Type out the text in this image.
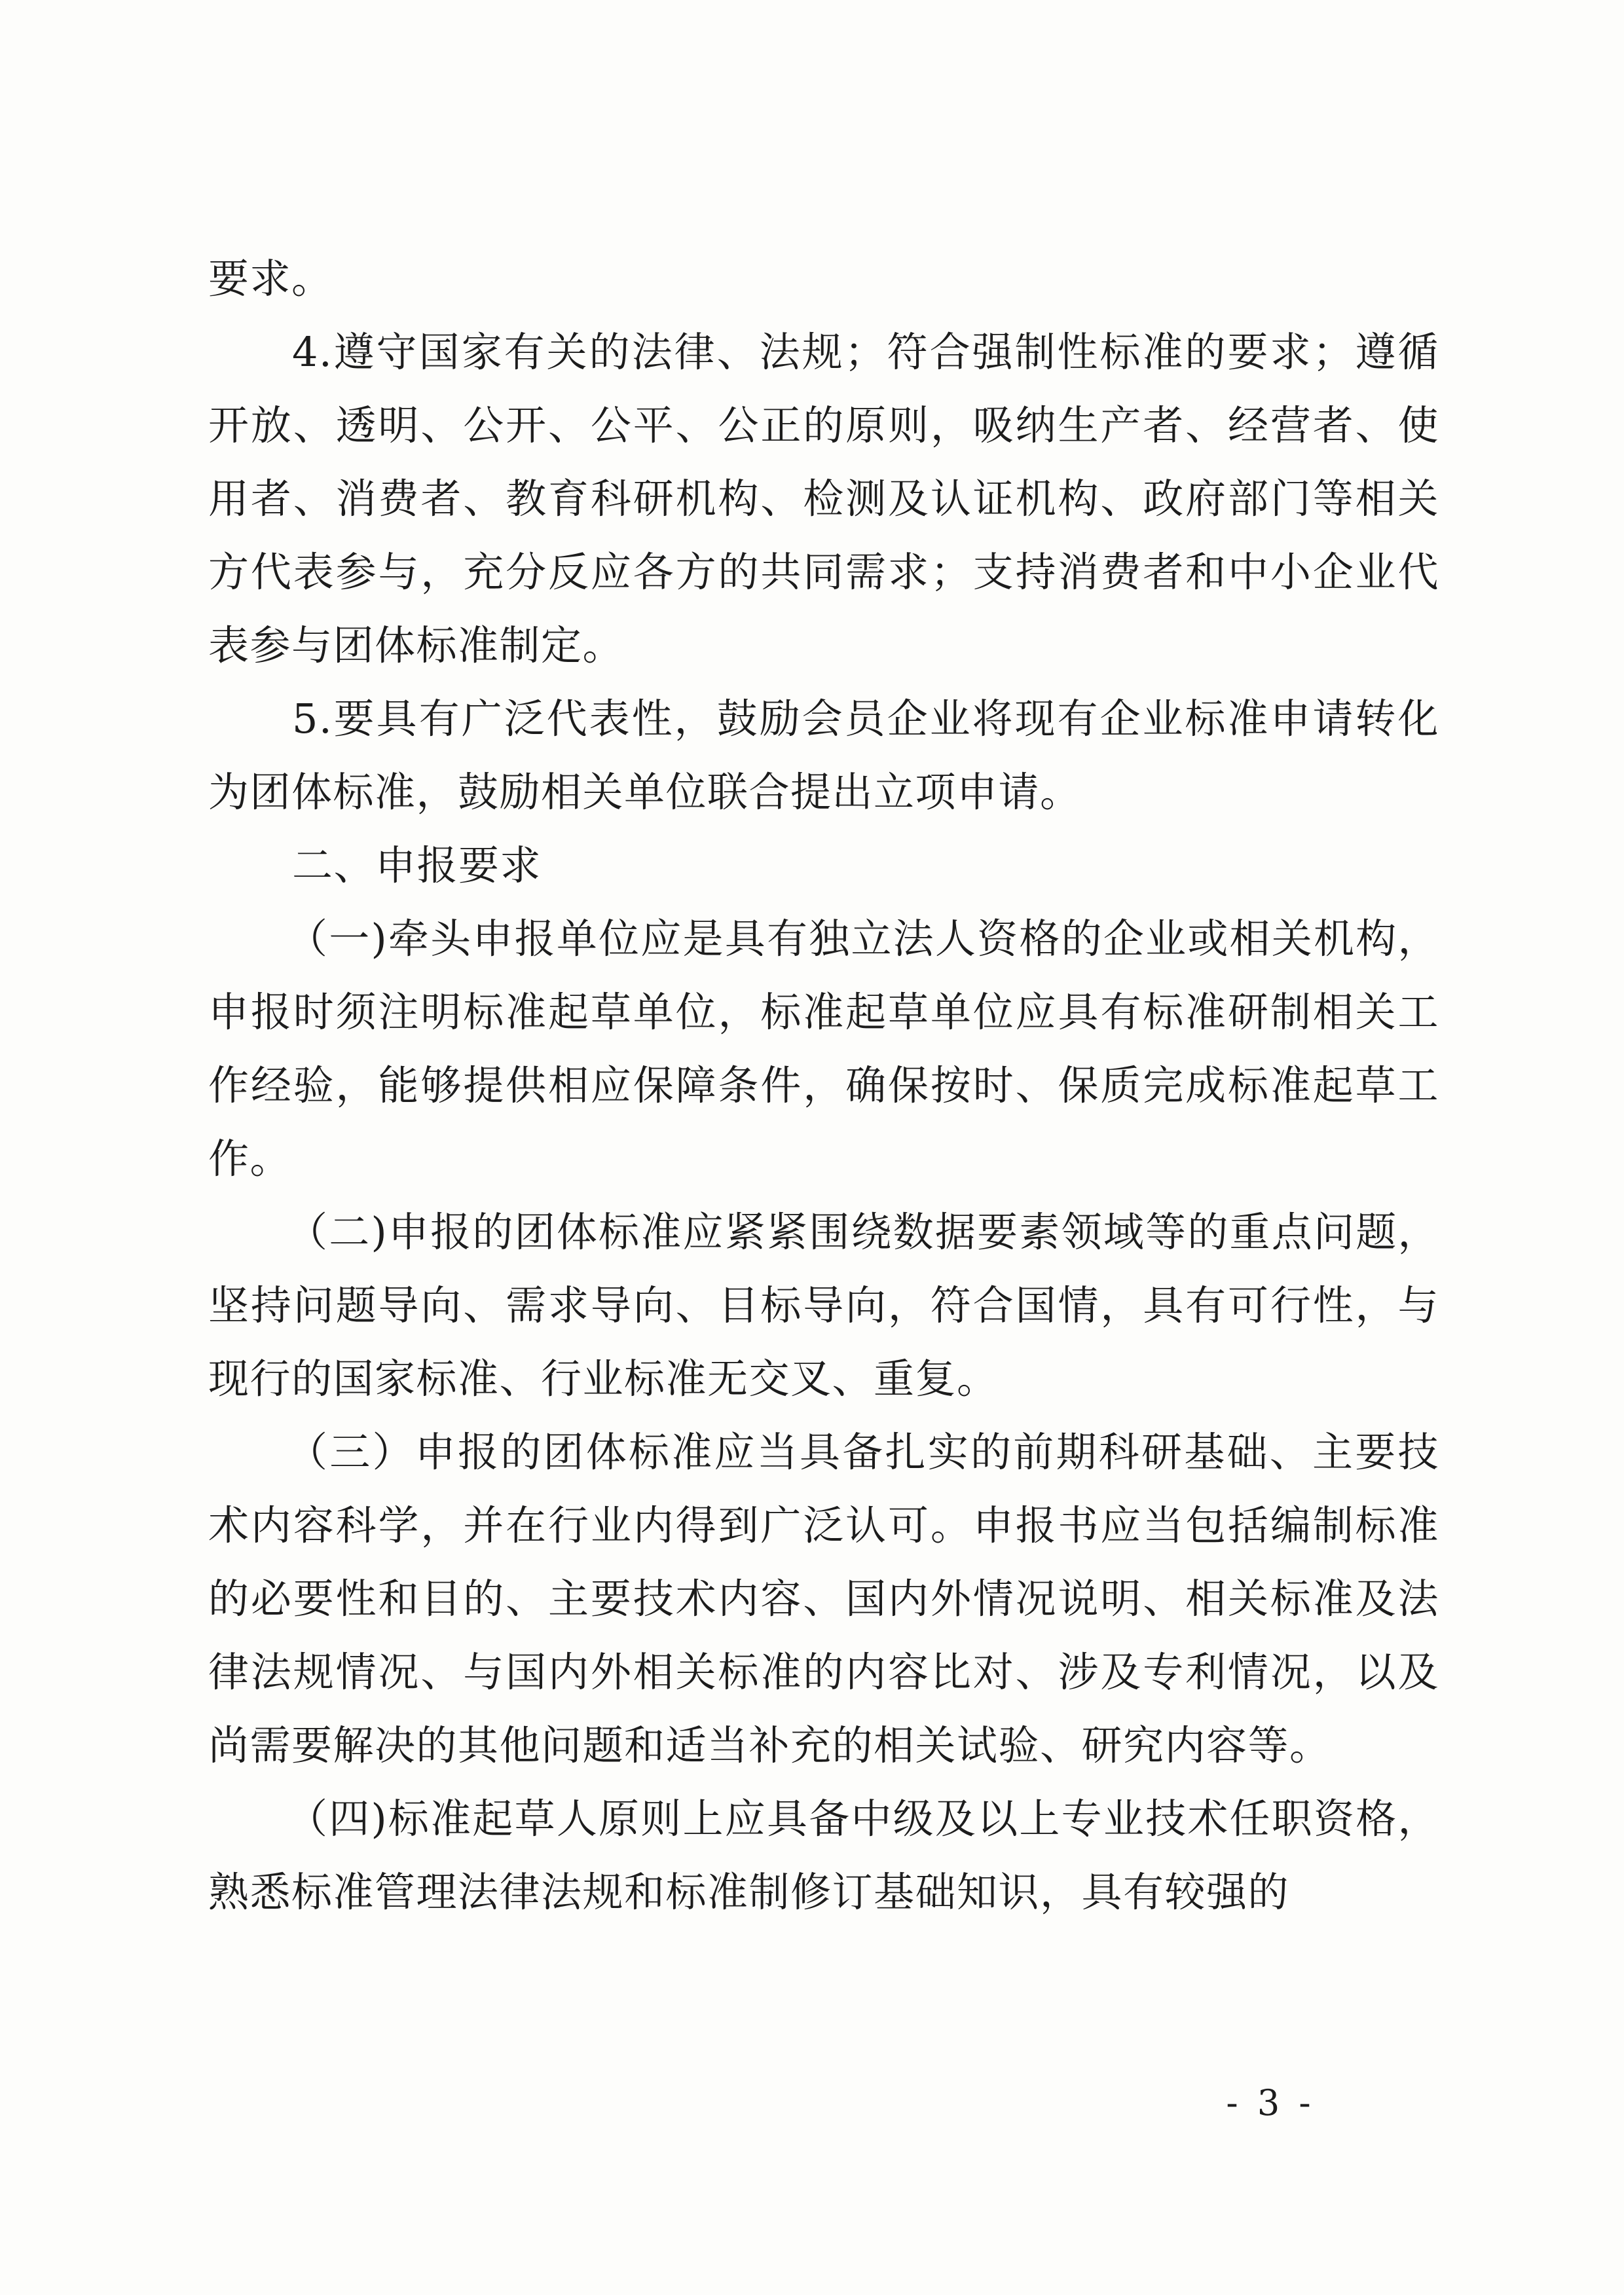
要求。

4.遵守国家有关的法律、法规；符合强制性标准的要求；遵循开放、透明、公开、公平、公正的原则，吸纳生产者、经营者、使用者、消费者、教育科研机构、检测及认证机构、政府部门等相关方代表参与，充分反应各方的共同需求；支持消费者和中小企业代表参与团体标准制定。

5.要具有广泛代表性，鼓励会员企业将现有企业标准申请转化为团体标准，鼓励相关单位联合提出立项申请。

二、申报要求

（一)牵头申报单位应是具有独立法人资格的企业或相关机构，申报时须注明标准起草单位，标准起草单位应具有标准研制相关工作经验，能够提供相应保障条件，确保按时、保质完成标准起草工作。

（二)申报的团体标准应紧紧围绕数据要素领域等的重点问题，坚持问题导向、需求导向、目标导向，符合国情，具有可行性，与现行的国家标准、行业标准无交叉、重复。

（三）申报的团体标准应当具备扎实的前期科研基础、主要技术内容科学，并在行业内得到广泛认可。申报书应当包括编制标准的必要性和目的、主要技术内容、国内外情况说明、相关标准及法律法规情况、与国内外相关标准的内容比对、涉及专利情况，以及尚需要解决的其他问题和适当补充的相关试验、研究内容等。

（四)标准起草人原则上应具备中级及以上专业技术任职资格，熟悉标准管理法律法规和标准制修订基础知识，具有较强的

- 3 -
